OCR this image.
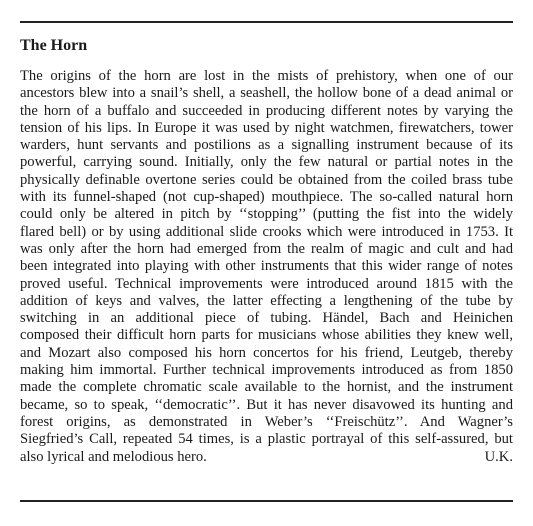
The Horn
The origins of the horn are lost in the mists of prehistory, when one of our
ancestors blew into a snail’s shell, a seashell, the hollow bone of a dead animal or
the horn of a buffalo and succeeded in producing different notes by varying the
tension of his lips. In Europe it was used by night watchmen, firewatchers, tower
warders, hunt servants and postilions as a signalling instrument because of its
powerful, carrying sound. Initially, only the few natural or partial notes in the
physically definable overtone series could be obtained from the coiled brass tube
with its funnel-shaped (not cup-shaped) mouthpiece. The so-called natural horn
could only be altered in pitch by ‘‘stopping’’ (putting the fist into the widely
flared bell) or by using additional slide crooks which were introduced in 1753. It
was only after the horn had emerged from the realm of magic and cult and had
been integrated into playing with other instruments that this wider range of notes
proved useful. Technical improvements were introduced around 1815 with the
addition of keys and valves, the latter effecting a lengthening of the tube by
switching in an additional piece of tubing. Händel, Bach and Heinichen
composed their difficult horn parts for musicians whose abilities they knew well,
and Mozart also composed his horn concertos for his friend, Leutgeb, thereby
making him immortal. Further technical improvements introduced as from 1850
made the complete chromatic scale available to the hornist, and the instrument
became, so to speak, ‘‘democratic’’. But it has never disavowed its hunting and
forest origins, as demonstrated in Weber’s ‘‘Freischütz’’. And Wagner’s
Siegfried’s Call, repeated 54 times, is a plastic portrayal of this self-assured, but
also lyrical and melodious hero.	U.K.
